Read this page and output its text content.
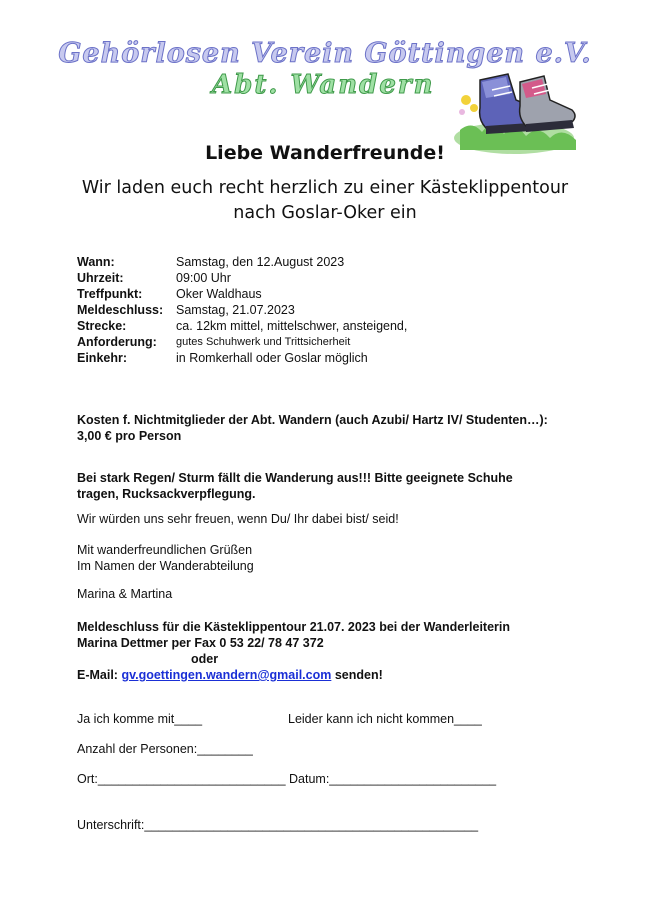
Gehörlosen Verein Göttingen e.V.
Abt. Wandern
Liebe Wanderfreunde!
Wir laden euch recht herzlich zu einer Kästeklippentour
nach Goslar-Oker ein
Wann:	Samstag, den 12.August 2023
Uhrzeit:	09:00 Uhr
Treffpunkt:	Oker Waldhaus
Meldeschluss:	Samstag, 21.07.2023
Strecke:	ca. 12km mittel, mittelschwer, ansteigend,
Anforderung:	gutes Schuhwerk und Trittsicherheit
Einkehr:	in Romkerhall oder Goslar möglich
Kosten f. Nichtmitglieder der Abt. Wandern (auch Azubi/ Hartz IV/ Studenten…):
3,00 € pro Person
Bei stark Regen/ Sturm fällt die Wanderung aus!!! Bitte geeignete Schuhe
tragen, Rucksackverpflegung.
Wir würden uns sehr freuen, wenn Du/ Ihr dabei bist/ seid!
Mit wanderfreundlichen Grüßen
Im Namen der Wanderabteilung
Marina & Martina
Meldeschluss für die Kästeklippentour 21.07. 2023 bei der Wanderleiterin
Marina Dettmer per Fax 0 53 22/ 78 47 372
oder
E-Mail: gv.goettingen.wandern@gmail.com senden!
Ja ich komme mit____	Leider kann ich nicht kommen____
Anzahl der Personen:________
Ort:___________________________ Datum:________________________
Unterschrift:________________________________________________
